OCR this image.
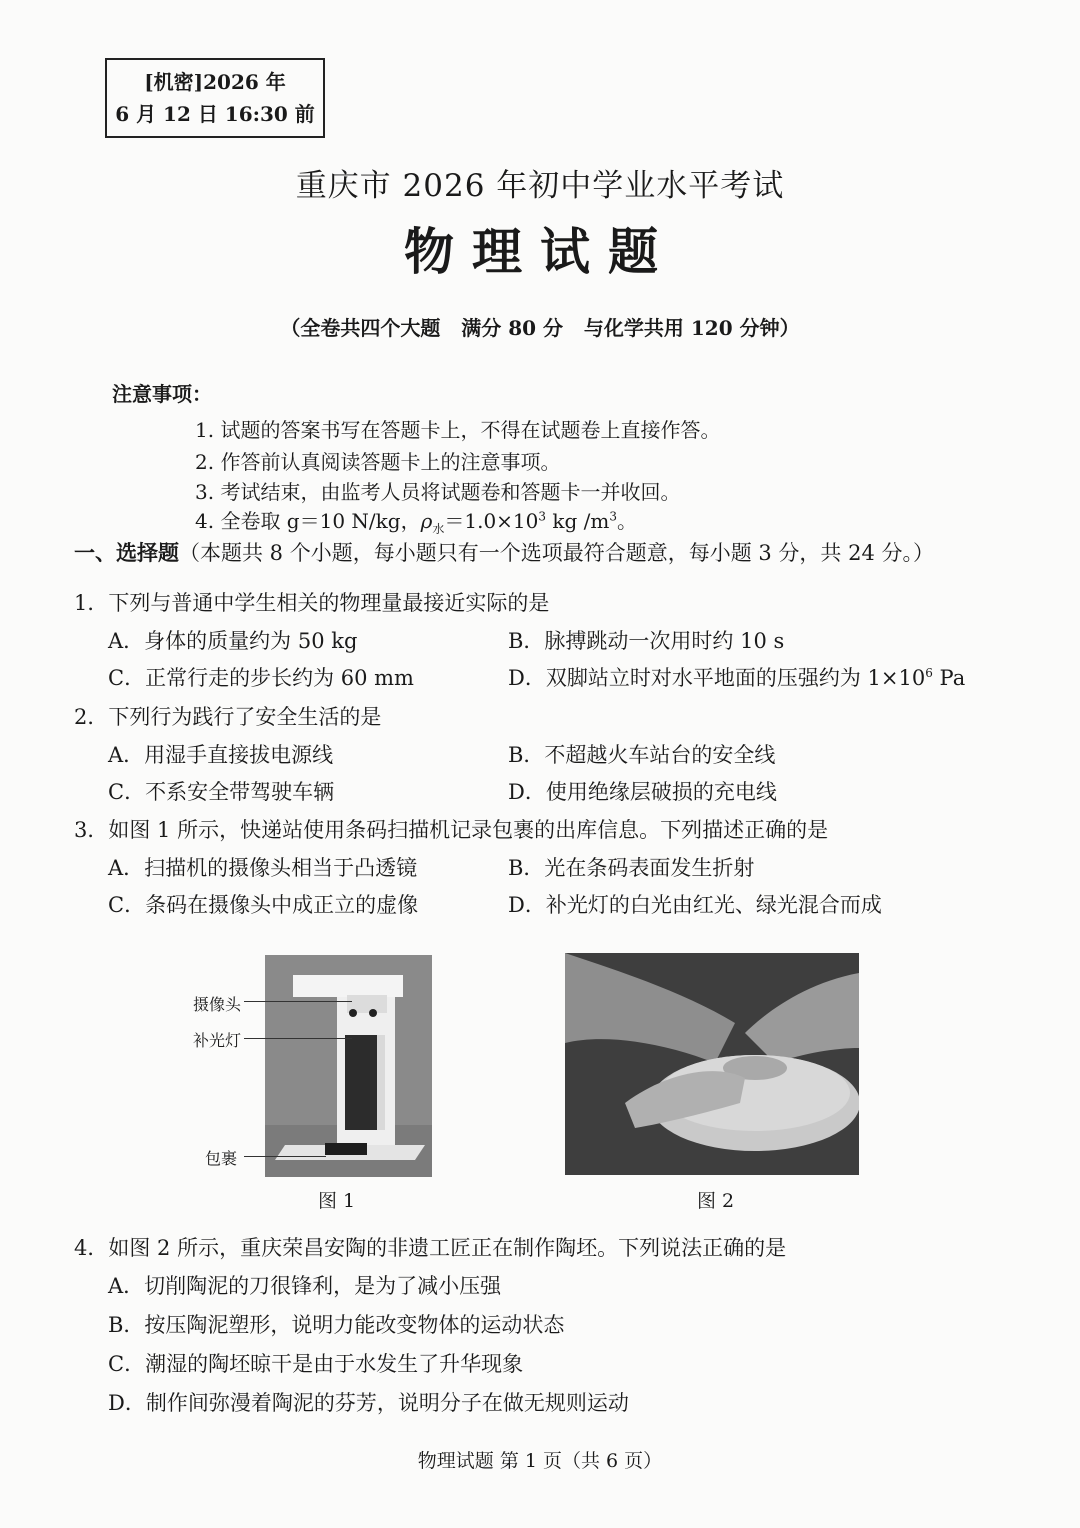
[机密]2026 年
6 月 12 日 16:30 前
重庆市 2026 年初中学业水平考试
物理试题
（全卷共四个大题   满分 80 分   与化学共用 120 分钟）
注意事项：
1. 试题的答案书写在答题卡上，不得在试题卷上直接作答。
2. 作答前认真阅读答题卡上的注意事项。
3. 考试结束，由监考人员将试题卷和答题卡一并收回。
4. 全卷取 g＝10 N/kg，$\rho_水=1.0\times 10^3$ kg $/m^3$。
一、选择题（本题共 8 个小题，每小题只有一个选项最符合题意，每小题 3 分，共 24 分。）
1．下列与普通中学生相关的物理量最接近实际的是
A．身体的质量约为 50 kg	B．脉搏跳动一次用时约 10 s
C．正常行走的步长约为 60 mm	D．双脚站立时对水平地面的压强约为 $1\times 10^6$ Pa
2．下列行为践行了安全生活的是
A．用湿手直接拔电源线	B．不超越火车站台的安全线
C．不系安全带驾驶车辆	D．使用绝缘层破损的充电线
3．如图 1 所示，快递站使用条码扫描机记录包裹的出库信息。下列描述正确的是
A．扫描机的摄像头相当于凸透镜	B．光在条码表面发生折射
C．条码在摄像头中成正立的虚像	D．补光灯的白光由红光、绿光混合而成
摄像头
补光灯
包裹
图 1	图 2
4．如图 2 所示，重庆荣昌安陶的非遗工匠正在制作陶坯。下列说法正确的是
A．切削陶泥的刀很锋利，是为了减小压强
B．按压陶泥塑形，说明力能改变物体的运动状态
C．潮湿的陶坯晾干是由于水发生了升华现象
D．制作间弥漫着陶泥的芬芳，说明分子在做无规则运动
物理试题 第 1 页（共 6 页）
